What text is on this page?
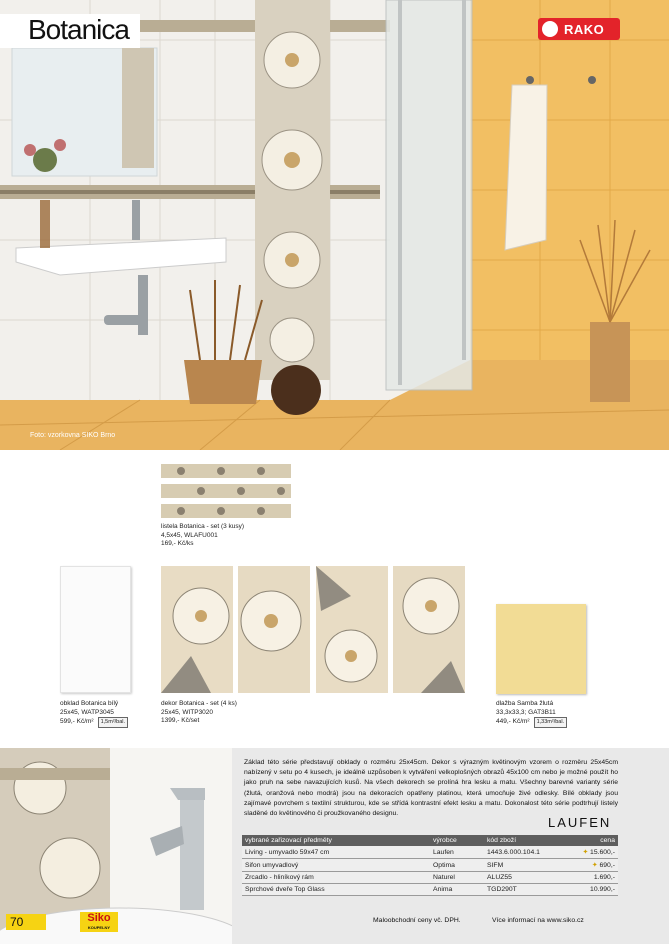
Botanica	RAKO
Foto: vzorkovna SIKO Brno
listela Botanica - set (3 kusy)
4,5x45, WLAFU001
169,- Kč/ks
obklad Botanica bílý
25x45, WATP3045
599,- Kč/m² 1,5m²/bal.
dekor Botanica - set (4 ks)
25x45, WITP3020
1399,- Kč/set
dlažba Samba žlutá
33,3x33,3; GAT3B11
449,- Kč/m² 1,33m²/bal.
Základ této série představují obklady o rozměru 25x45cm. Dekor s výrazným květinovým vzorem o rozměru 25x45cm nabízený v setu po 4 kusech, je ideálně uzpůsoben k vytváření velkoplošných obrazů 45x100 cm nebo je možné použít ho jako pruh na sebe navazujících kusů. Na všech dekorech se prolíná hra lesku a matu. Všechny barevné varianty série (žlutá, oranžová nebo modrá) jsou na dekoracích opatřeny platinou, která umocňuje živé odlesky. Bílé obklady jsou zajímavé povrchem s textilní strukturou, kde se střídá kontrastní efekt lesku a matu. Dokonalost této série podtrhují listely sladěné do květinového či proužkovaného designu.
LAUFEN
vybrané zařizovací předměty	výrobce	kód zboží	cena
Living - umyvadlo 59x47 cm	Laufen	1443.6.000.104.1	✦ 15.600,-
Sifon umyvadlový	Optima	SIFM	✦ 690,-
Zrcadlo - hliníkový rám	Naturel	ALUZ55	1.690,-
Sprchové dveře Top Glass	Anima	TGD290T	10.990,-
70	Siko
KOUPELNY
Maloobchodní ceny vč. DPH.	Více informací na www.siko.cz
